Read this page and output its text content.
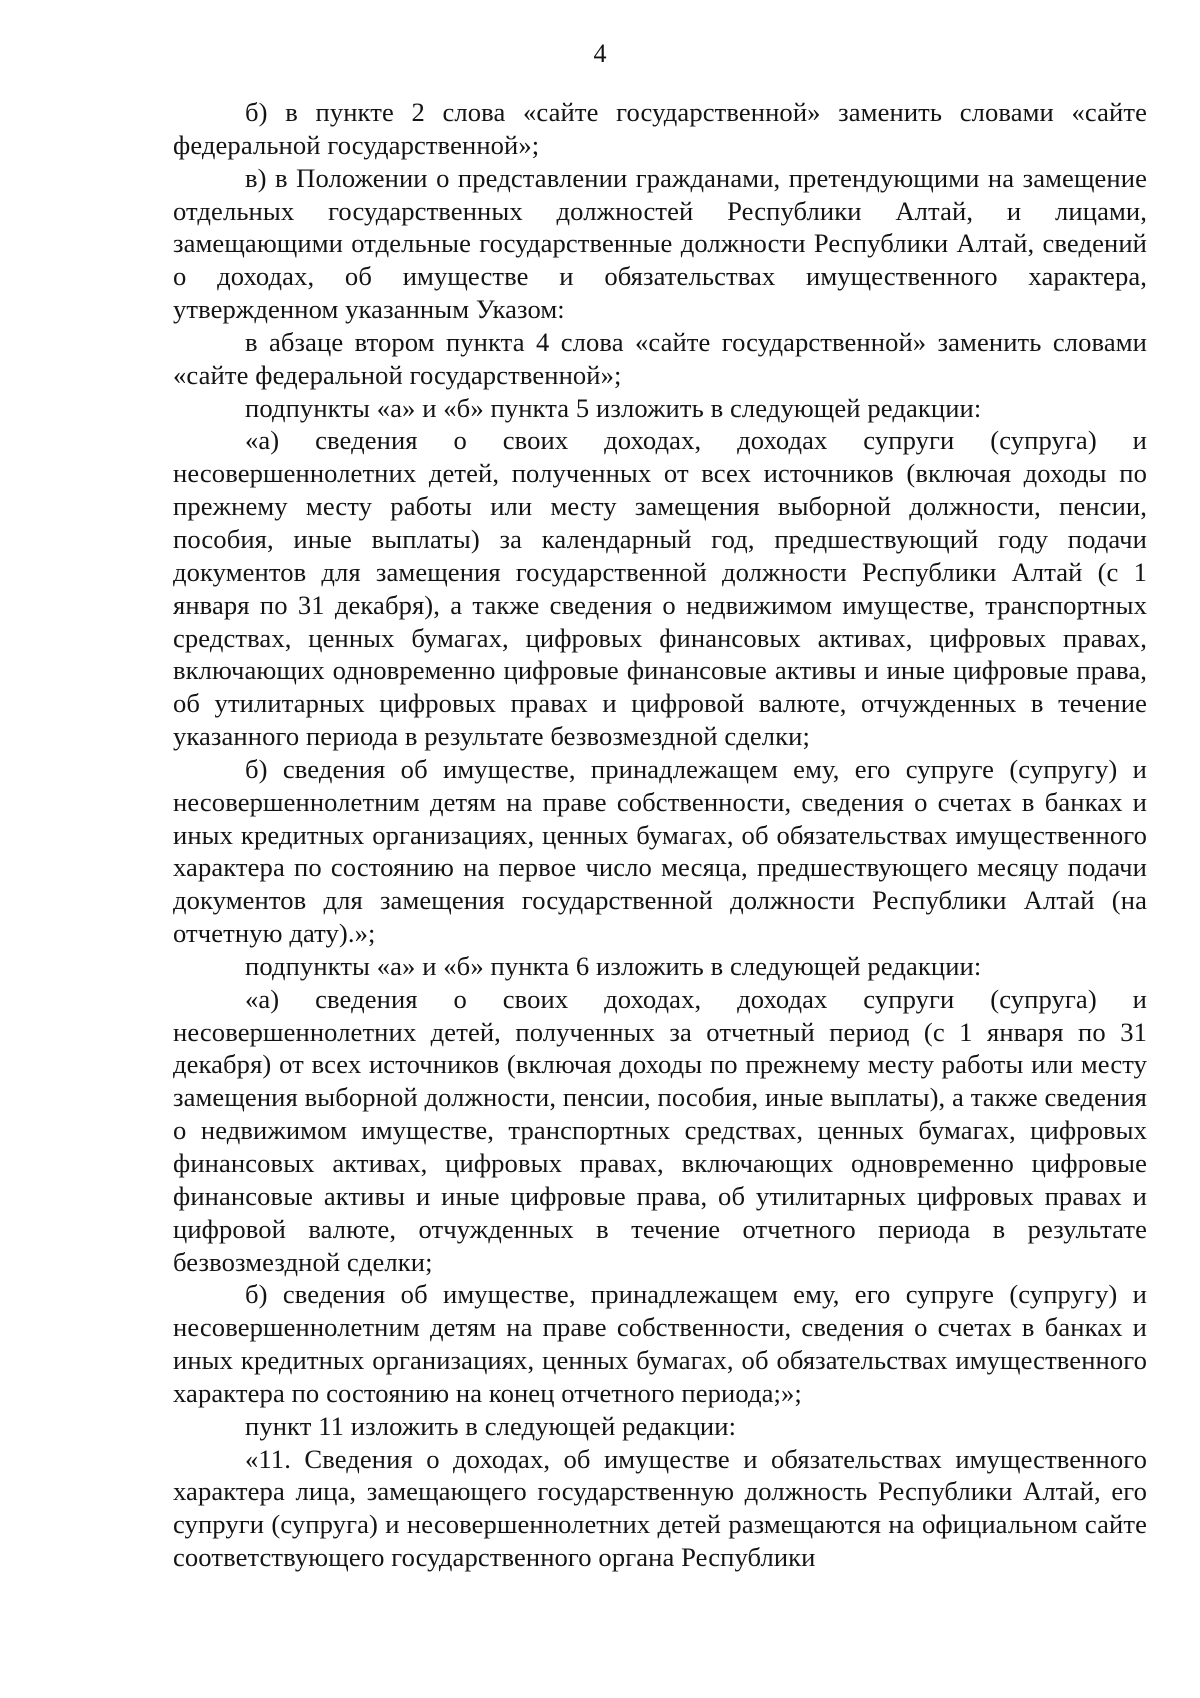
4

б) в пункте 2 слова «сайте государственной» заменить словами «сайте федеральной государственной»;

в) в Положении о представлении гражданами, претендующими на замещение отдельных государственных должностей Республики Алтай, и лицами, замещающими отдельные государственные должности Республики Алтай, сведений о доходах, об имуществе и обязательствах имущественного характера, утвержденном указанным Указом:

в абзаце втором пункта 4 слова «сайте государственной» заменить словами «сайте федеральной государственной»;

подпункты «а» и «б» пункта 5 изложить в следующей редакции:

«а) сведения о своих доходах, доходах супруги (супруга) и несовершеннолетних детей, полученных от всех источников (включая доходы по прежнему месту работы или месту замещения выборной должности, пенсии, пособия, иные выплаты) за календарный год, предшествующий году подачи документов для замещения государственной должности Республики Алтай (с 1 января по 31 декабря), а также сведения о недвижимом имуществе, транспортных средствах, ценных бумагах, цифровых финансовых активах, цифровых правах, включающих одновременно цифровые финансовые активы и иные цифровые права, об утилитарных цифровых правах и цифровой валюте, отчужденных в течение указанного периода в результате безвозмездной сделки;

б) сведения об имуществе, принадлежащем ему, его супруге (супругу) и несовершеннолетним детям на праве собственности, сведения о счетах в банках и иных кредитных организациях, ценных бумагах, об обязательствах имущественного характера по состоянию на первое число месяца, предшествующего месяцу подачи документов для замещения государственной должности Республики Алтай (на отчетную дату).»;

подпункты «а» и «б» пункта 6 изложить в следующей редакции:

«а) сведения о своих доходах, доходах супруги (супруга) и несовершеннолетних детей, полученных за отчетный период (с 1 января по 31 декабря) от всех источников (включая доходы по прежнему месту работы или месту замещения выборной должности, пенсии, пособия, иные выплаты), а также сведения о недвижимом имуществе, транспортных средствах, ценных бумагах, цифровых финансовых активах, цифровых правах, включающих одновременно цифровые финансовые активы и иные цифровые права, об утилитарных цифровых правах и цифровой валюте, отчужденных в течение отчетного периода в результате безвозмездной сделки;

б) сведения об имуществе, принадлежащем ему, его супруге (супругу) и несовершеннолетним детям на праве собственности, сведения о счетах в банках и иных кредитных организациях, ценных бумагах, об обязательствах имущественного характера по состоянию на конец отчетного периода;»;

пункт 11 изложить в следующей редакции:

«11. Сведения о доходах, об имуществе и обязательствах имущественного характера лица, замещающего государственную должность Республики Алтай, его супруги (супруга) и несовершеннолетних детей размещаются на официальном сайте соответствующего государственного органа Республики
